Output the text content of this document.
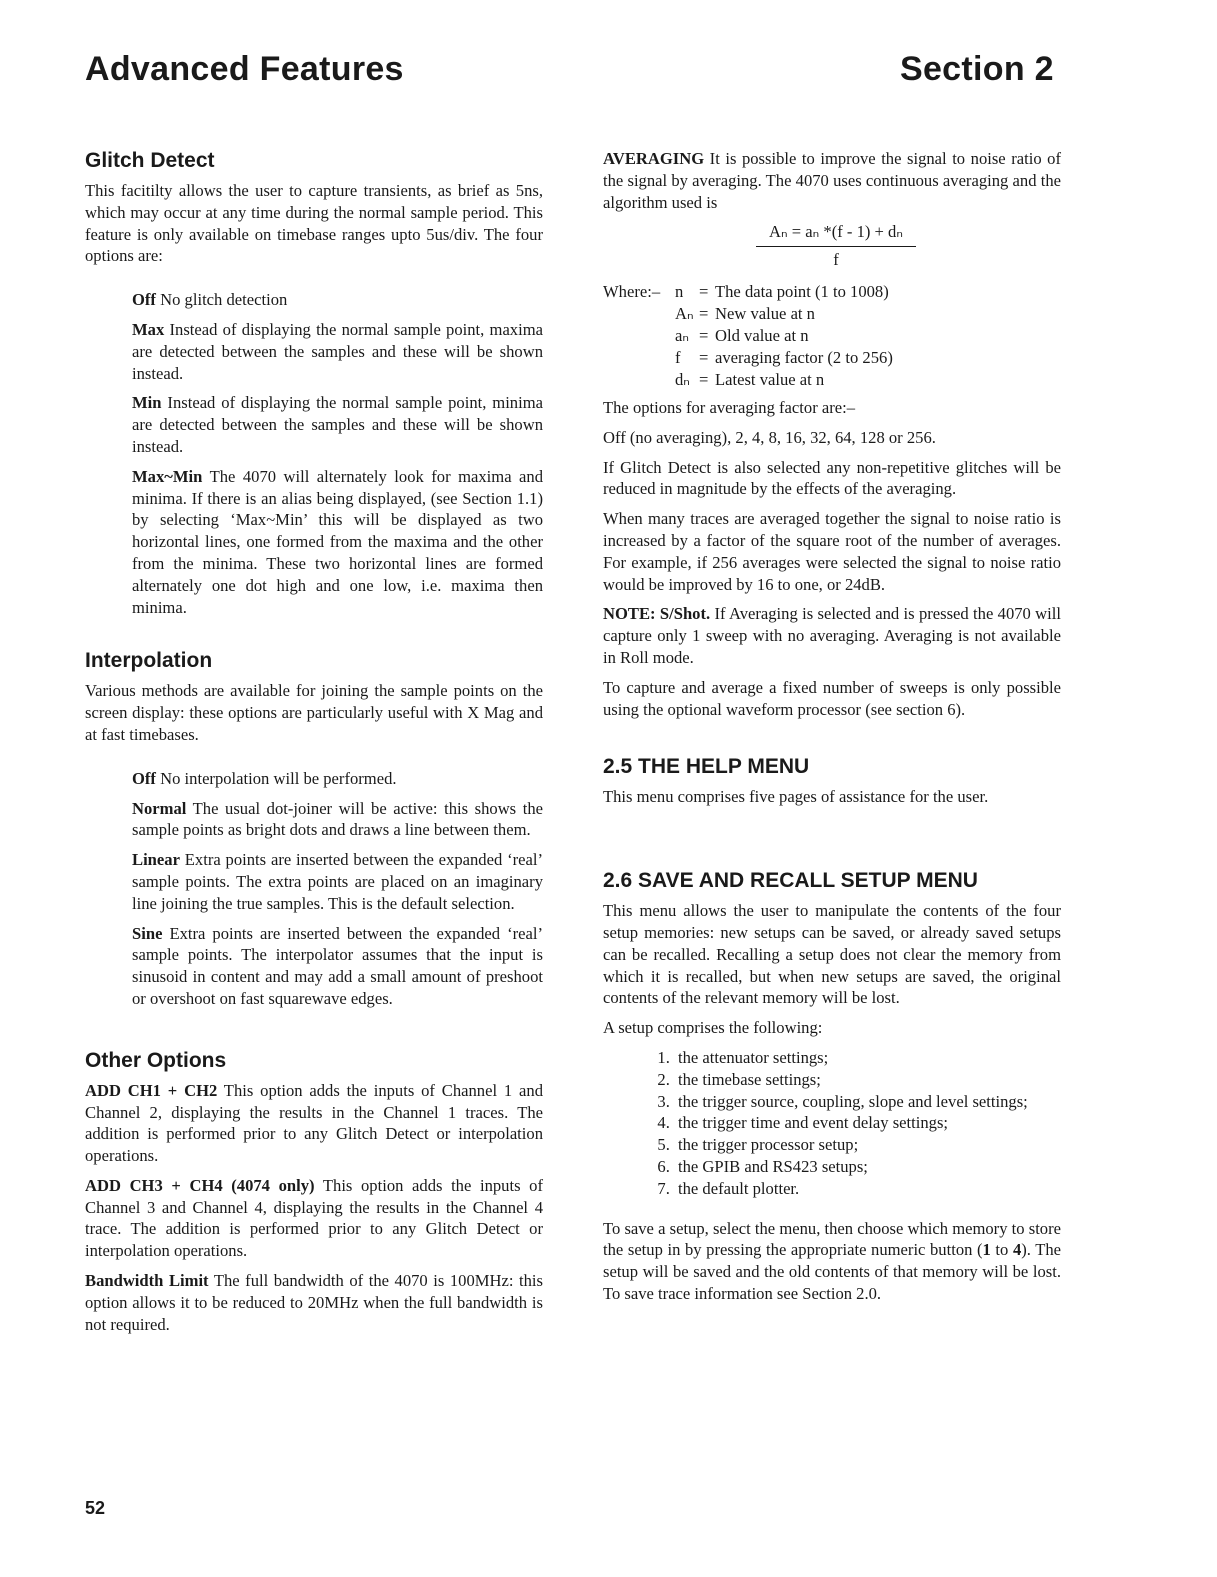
Advanced Features	Section 2
Glitch Detect

This facitilty allows the user to capture transients, as brief as 5ns, which may occur at any time during the normal sample period. This feature is only available on timebase ranges upto 5us/div. The four options are:

Off No glitch detection

Max Instead of displaying the normal sample point, maxima are detected between the samples and these will be shown instead.

Min Instead of displaying the normal sample point, minima are detected between the samples and these will be shown instead.

Max~Min The 4070 will alternately look for maxima and minima. If there is an alias being displayed, (see Section 1.1) by selecting ‘Max~Min’ this will be displayed as two horizontal lines, one formed from the maxima and the other from the minima. These two horizontal lines are formed alternately one dot high and one low, i.e. maxima then minima.

Interpolation

Various methods are available for joining the sample points on the screen display: these options are particularly useful with X Mag and at fast timebases.

Off No interpolation will be performed.

Normal The usual dot-joiner will be active: this shows the sample points as bright dots and draws a line between them.

Linear Extra points are inserted between the expanded ‘real’ sample points. The extra points are placed on an imaginary line joining the true samples. This is the default selection.

Sine Extra points are inserted between the expanded ‘real’ sample points. The interpolator assumes that the input is sinusoid in content and may add a small amount of preshoot or overshoot on fast squarewave edges.

Other Options

ADD CH1 + CH2 This option adds the inputs of Channel 1 and Channel 2, displaying the results in the Channel 1 traces. The addition is performed prior to any Glitch Detect or interpolation operations.

ADD CH3 + CH4 (4074 only) This option adds the inputs of Channel 3 and Channel 4, displaying the results in the Channel 4 trace. The addition is performed prior to any Glitch Detect or interpolation operations.

Bandwidth Limit The full bandwidth of the 4070 is 100MHz: this option allows it to be reduced to 20MHz when the full bandwidth is not required.

AVERAGING It is possible to improve the signal to noise ratio of the signal by averaging. The 4070 uses continuous averaging and the algorithm used is

Aₙ = aₙ *(f - 1) + dₙ
f
Where:–	n	=	The data point (1 to 1008)
	Aₙ	=	New value at n
	aₙ	=	Old value at n
	f	=	averaging factor (2 to 256)
	dₙ	=	Latest value at n

The options for averaging factor are:–

Off (no averaging), 2, 4, 8, 16, 32, 64, 128 or 256.

If Glitch Detect is also selected any non-repetitive glitches will be reduced in magnitude by the effects of the averaging.

When many traces are averaged together the signal to noise ratio is increased by a factor of the square root of the number of averages. For example, if 256 averages were selected the signal to noise ratio would be improved by 16 to one, or 24dB.

NOTE: S/Shot. If Averaging is selected and is pressed the 4070 will capture only 1 sweep with no averaging. Averaging is not available in Roll mode.

To capture and average a fixed number of sweeps is only possible using the optional waveform processor (see section 6).

2.5 THE HELP MENU

This menu comprises five pages of assistance for the user.

2.6 SAVE AND RECALL SETUP MENU

This menu allows the user to manipulate the contents of the four setup memories: new setups can be saved, or already saved setups can be recalled. Recalling a setup does not clear the memory from which it is recalled, but when new setups are saved, the original contents of the relevant memory will be lost.

A setup comprises the following:

1. the attenuator settings;
2. the timebase settings;
3. the trigger source, coupling, slope and level settings;
4. the trigger time and event delay settings;
5. the trigger processor setup;
6. the GPIB and RS423 setups;
7. the default plotter.

To save a setup, select the menu, then choose which memory to store the setup in by pressing the appropriate numeric button (1 to 4). The setup will be saved and the old contents of that memory will be lost. To save trace information see Section 2.0.

52
